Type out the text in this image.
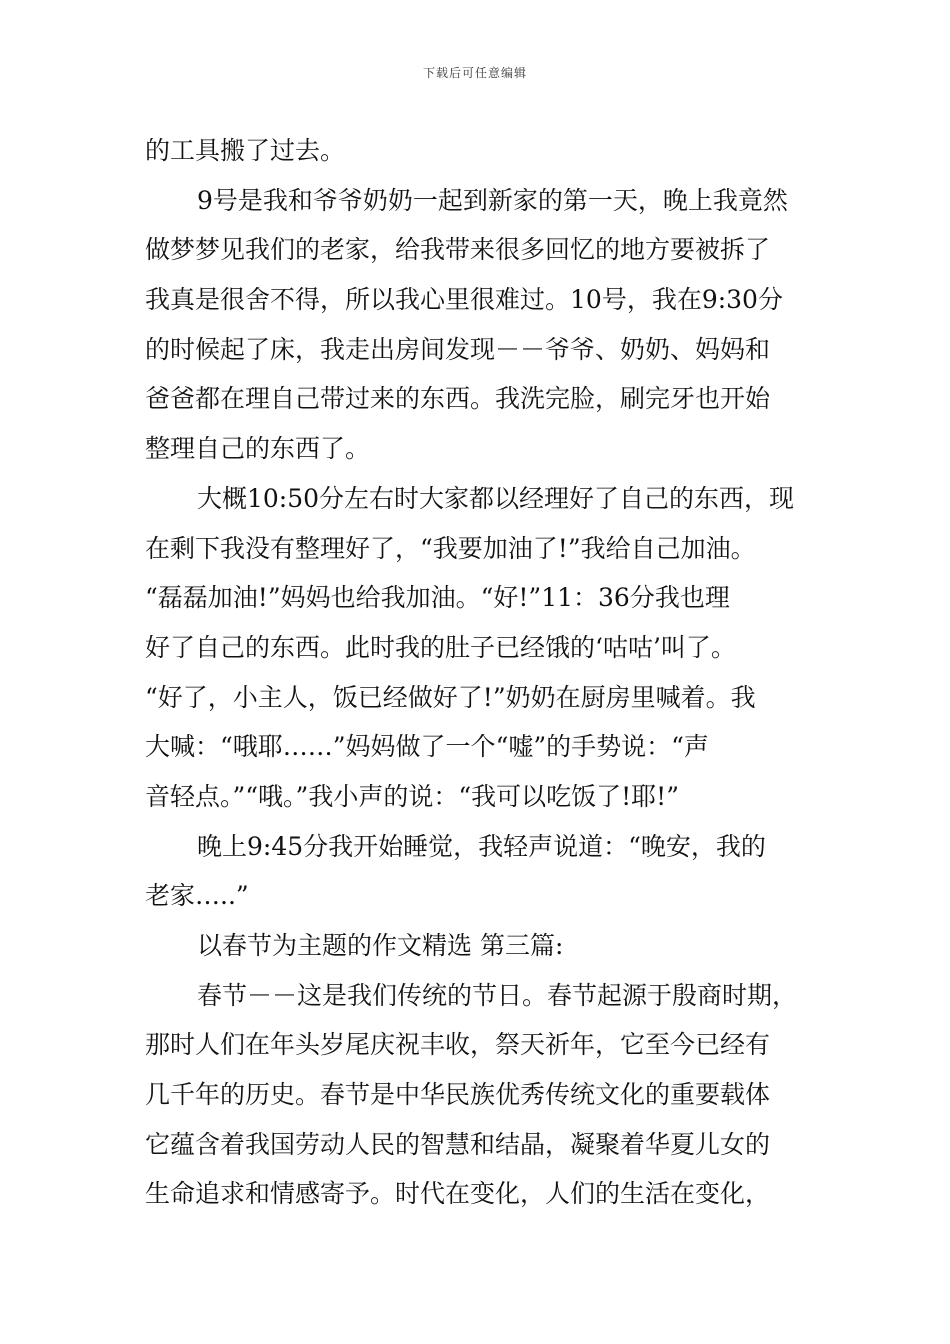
下载后可任意编辑
的工具搬了过去。
9号是我和爷爷奶奶一起到新家的第一天，晚上我竟然
做梦梦见我们的老家，给我带来很多回忆的地方要被拆了
我真是很舍不得，所以我心里很难过。10号，我在9:30分
的时候起了床，我走出房间发现－－爷爷、奶奶、妈妈和
爸爸都在理自己带过来的东西。我洗完脸，刷完牙也开始
整理自己的东西了。
大概10:50分左右时大家都以经理好了自己的东西，现
在剩下我没有整理好了，“我要加油了!”我给自己加油。
“磊磊加油!”妈妈也给我加油。“好!”11：36分我也理
好了自己的东西。此时我的肚子已经饿的‘咕咕’叫了。
“好了，小主人，饭已经做好了!”奶奶在厨房里喊着。我
大喊：“哦耶……”妈妈做了一个“嘘”的手势说：“声
音轻点。”“哦。”我小声的说：“我可以吃饭了!耶!”
晚上9:45分我开始睡觉，我轻声说道：“晚安，我的
老家…..”
以春节为主题的作文精选 第三篇:
春节－－这是我们传统的节日。春节起源于殷商时期，
那时人们在年头岁尾庆祝丰收，祭天祈年，它至今已经有
几千年的历史。春节是中华民族优秀传统文化的重要载体
它蕴含着我国劳动人民的智慧和结晶，凝聚着华夏儿女的
生命追求和情感寄予。时代在变化，人们的生活在变化，
